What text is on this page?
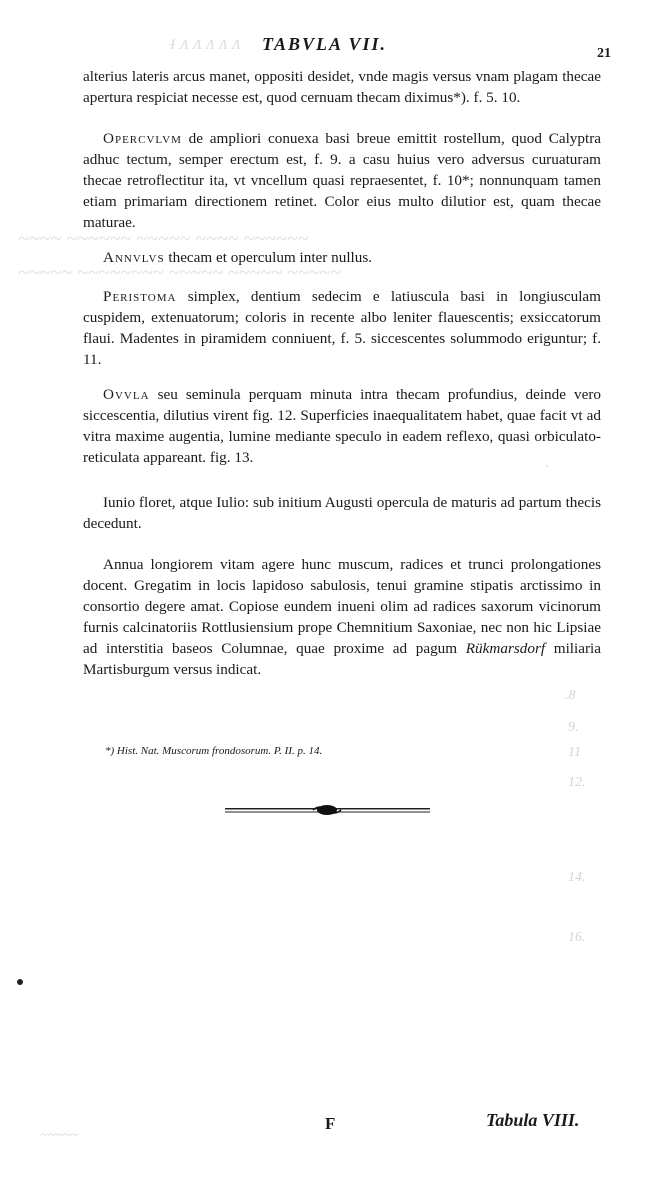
ᵻ ᴧ ᴧ ᴧ ᴧ ᴧ
~~~~ ~~~~~~ ~~~~~ ~~~~ ~~~~~~
~~~~~ ~~~~~~~~ ~~~~~ ~~~~~ ~~~~~
·
.8
9.
11
12.
14.
16.
~~~~~
TABVLA VII.	21

alterius lateris arcus manet, oppositi desidet, vnde magis versus vnam plagam thecae apertura respiciat necesse est, quod cernuam thecam diximus*). f. 5. 10.

Opercvlvm de ampliori conuexa basi breue emittit rostellum, quod Calyptra adhuc tectum, semper erectum est, f. 9. a casu huius vero adversus curuaturam thecae retroflectitur ita, vt vncellum quasi repraesentet, f. 10*; nonnunquam tamen etiam primariam directionem retinet. Color eius multo dilutior est, quam thecae maturae.

Annvlvs thecam et operculum inter nullus.

Peristoma simplex, dentium sedecim e latiuscula basi in longiusculam cuspidem, extenuatorum; coloris in recente albo leniter flauescentis; exsiccatorum flaui. Madentes in piramidem conniuent, f. 5. siccescentes solummodo eriguntur; f. 11.

Ovvla seu seminula perquam minuta intra thecam profundius, deinde vero siccescentia, dilutius virent fig. 12. Superficies inaequalitatem habet, quae facit vt ad vitra maxime augentia, lumine mediante speculo in eadem reflexo, quasi orbiculato-reticulata appareant. fig. 13.

Iunio floret, atque Iulio: sub initium Augusti opercula de maturis ad partum thecis decedunt.

Annua longiorem vitam agere hunc muscum, radices et trunci prolongationes docent. Gregatim in locis lapidoso sabulosis, tenui gramine stipatis arctissimo in consortio degere amat. Copiose eundem inueni olim ad radices saxorum vicinorum furnis calcinatoriis Rottlusiensium prope Chemnitium Saxoniae, nec non hic Lipsiae ad interstitia baseos Columnae, quae proxime ad pagum Rükmarsdorf miliaria Martisburgum versus indicat.

*) Hist. Nat. Muscorum frondosorum. P. II. p. 14.
F	Tabula VIII.
